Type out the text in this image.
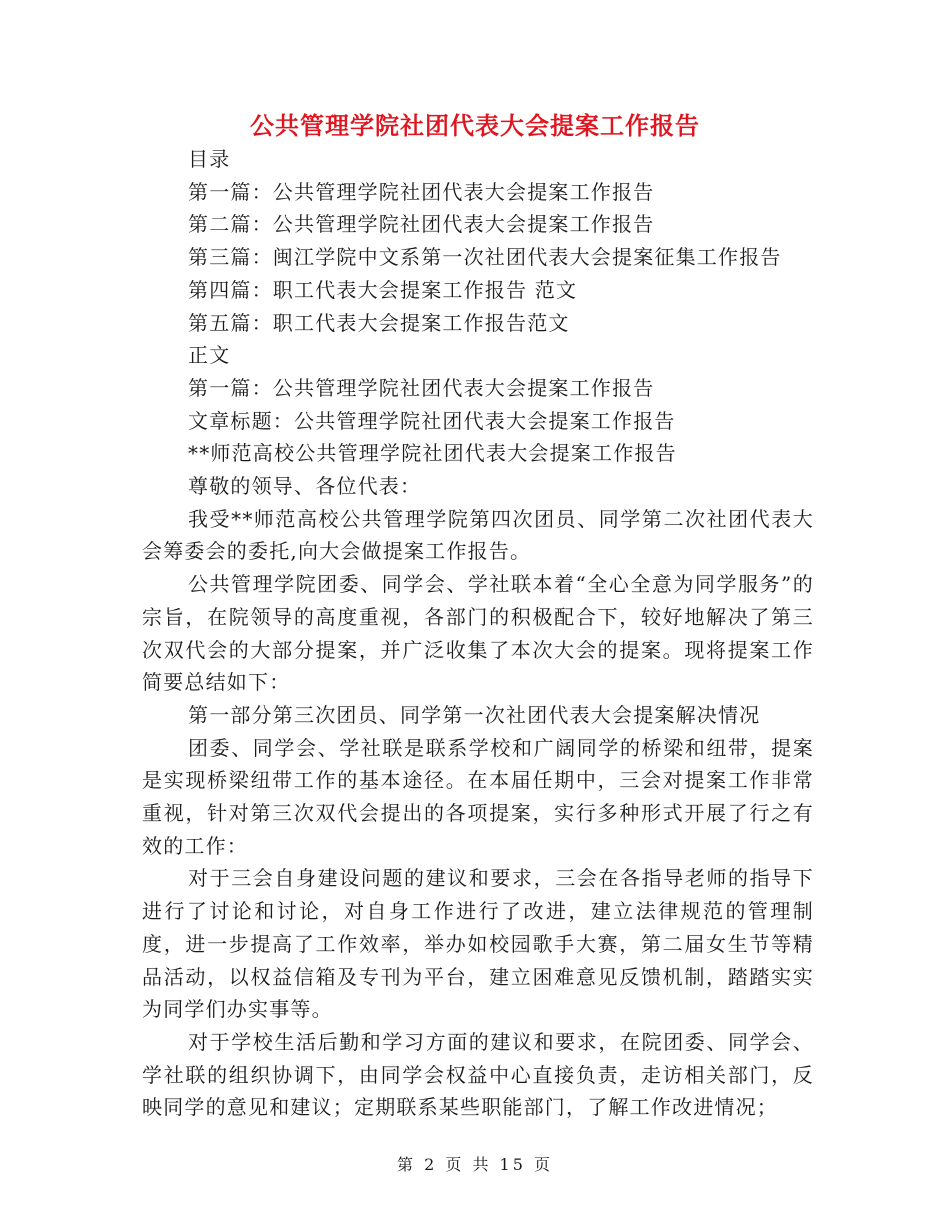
公共管理学院社团代表大会提案工作报告
目录
第一篇：公共管理学院社团代表大会提案工作报告
第二篇：公共管理学院社团代表大会提案工作报告
第三篇：闽江学院中文系第一次社团代表大会提案征集工作报告
第四篇：职工代表大会提案工作报告 范文
第五篇：职工代表大会提案工作报告范文
正文
第一篇：公共管理学院社团代表大会提案工作报告
文章标题：公共管理学院社团代表大会提案工作报告
**师范高校公共管理学院社团代表大会提案工作报告
尊敬的领导、各位代表：
我受**师范高校公共管理学院第四次团员、同学第二次社团代表大会筹委会的委托,向大会做提案工作报告。
公共管理学院团委、同学会、学社联本着“全心全意为同学服务”的宗旨，在院领导的高度重视，各部门的积极配合下，较好地解决了第三次双代会的大部分提案，并广泛收集了本次大会的提案。现将提案工作简要总结如下：
第一部分第三次团员、同学第一次社团代表大会提案解决情况
团委、同学会、学社联是联系学校和广阔同学的桥梁和纽带，提案是实现桥梁纽带工作的基本途径。在本届任期中，三会对提案工作非常重视，针对第三次双代会提出的各项提案，实行多种形式开展了行之有效的工作：
对于三会自身建设问题的建议和要求，三会在各指导老师的指导下进行了讨论和讨论，对自身工作进行了改进，建立法律规范的管理制度，进一步提高了工作效率，举办如校园歌手大赛，第二届女生节等精品活动，以权益信箱及专刊为平台，建立困难意见反馈机制，踏踏实实为同学们办实事等。
对于学校生活后勤和学习方面的建议和要求，在院团委、同学会、学社联的组织协调下，由同学会权益中心直接负责，走访相关部门，反映同学的意见和建议；定期联系某些职能部门，了解工作改进情况；
第 2 页 共 15 页
